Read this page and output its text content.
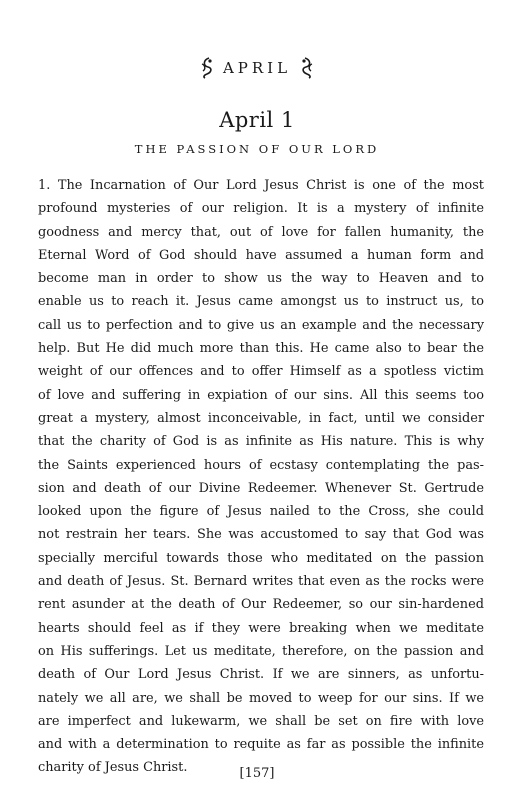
APRIL
April 1
THE PASSION OF OUR LORD
1. The Incarnation of Our Lord Jesus Christ is one of the most
profound mysteries of our religion. It is a mystery of infinite
goodness and mercy that, out of love for fallen humanity, the
Eternal Word of God should have assumed a human form and
become man in order to show us the way to Heaven and to
enable us to reach it. Jesus came amongst us to instruct us, to
call us to perfection and to give us an example and the necessary
help. But He did much more than this. He came also to bear the
weight of our offences and to offer Himself as a spotless victim
of love and suffering in expiation of our sins. All this seems too
great a mystery, almost inconceivable, in fact, until we consider
that the charity of God is as infinite as His nature. This is why
the Saints experienced hours of ecstasy contemplating the pas-
sion and death of our Divine Redeemer. Whenever St. Gertrude
looked upon the figure of Jesus nailed to the Cross, she could
not restrain her tears. She was accustomed to say that God was
specially merciful towards those who meditated on the passion
and death of Jesus. St. Bernard writes that even as the rocks were
rent asunder at the death of Our Redeemer, so our sin-hardened
hearts should feel as if they were breaking when we meditate
on His sufferings. Let us meditate, therefore, on the passion and
death of Our Lord Jesus Christ. If we are sinners, as unfortu-
nately we all are, we shall be moved to weep for our sins. If we
are imperfect and lukewarm, we shall be set on fire with love
and with a determination to requite as far as possible the infinite
charity of Jesus Christ.	[157]
